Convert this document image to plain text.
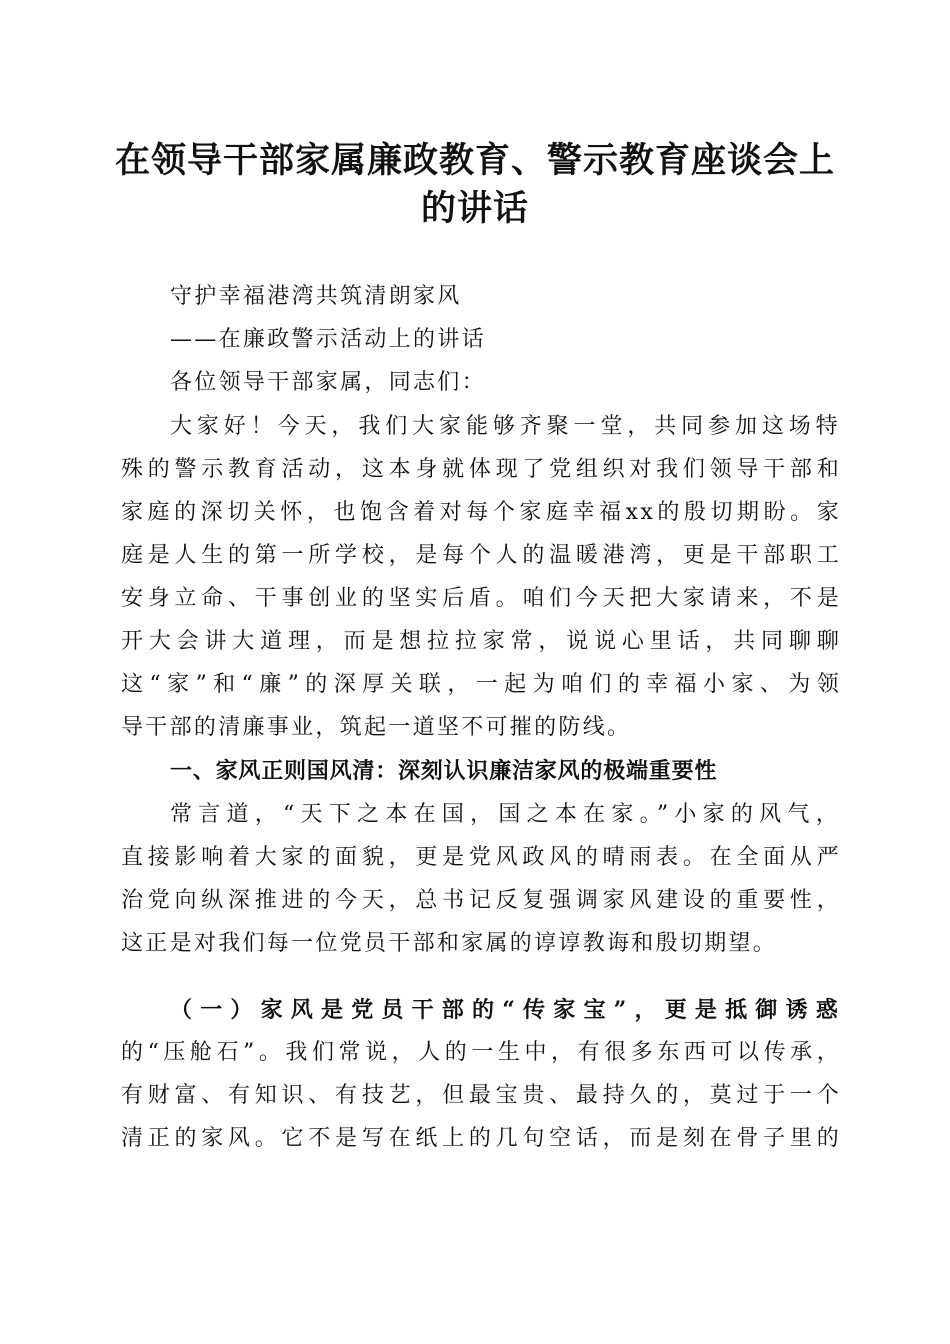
在领导干部家属廉政教育、警示教育座谈会上
的讲话
守护幸福港湾共筑清朗家风
——在廉政警示活动上的讲话
各位领导干部家属，同志们：
大家好！今天，我们大家能够齐聚一堂，共同参加这场特
殊的警示教育活动，这本身就体现了党组织对我们领导干部和
家庭的深切关怀，也饱含着对每个家庭幸福xx的殷切期盼。家
庭是人生的第一所学校，是每个人的温暖港湾，更是干部职工
安身立命、干事创业的坚实后盾。咱们今天把大家请来，不是
开大会讲大道理，而是想拉拉家常，说说心里话，共同聊聊
这“家”和“廉”的深厚关联，一起为咱们的幸福小家、为领
导干部的清廉事业，筑起一道坚不可摧的防线。
一、家风正则国风清：深刻认识廉洁家风的极端重要性
常言道，“天下之本在国，国之本在家。”小家的风气，
直接影响着大家的面貌，更是党风政风的晴雨表。在全面从严
治党向纵深推进的今天，总书记反复强调家风建设的重要性，
这正是对我们每一位党员干部和家属的谆谆教诲和殷切期望。
（一）家风是党员干部的“传家宝”，更是抵御诱惑
的“压舱石”。我们常说，人的一生中，有很多东西可以传承，
有财富、有知识、有技艺，但最宝贵、最持久的，莫过于一个
清正的家风。它不是写在纸上的几句空话，而是刻在骨子里的
